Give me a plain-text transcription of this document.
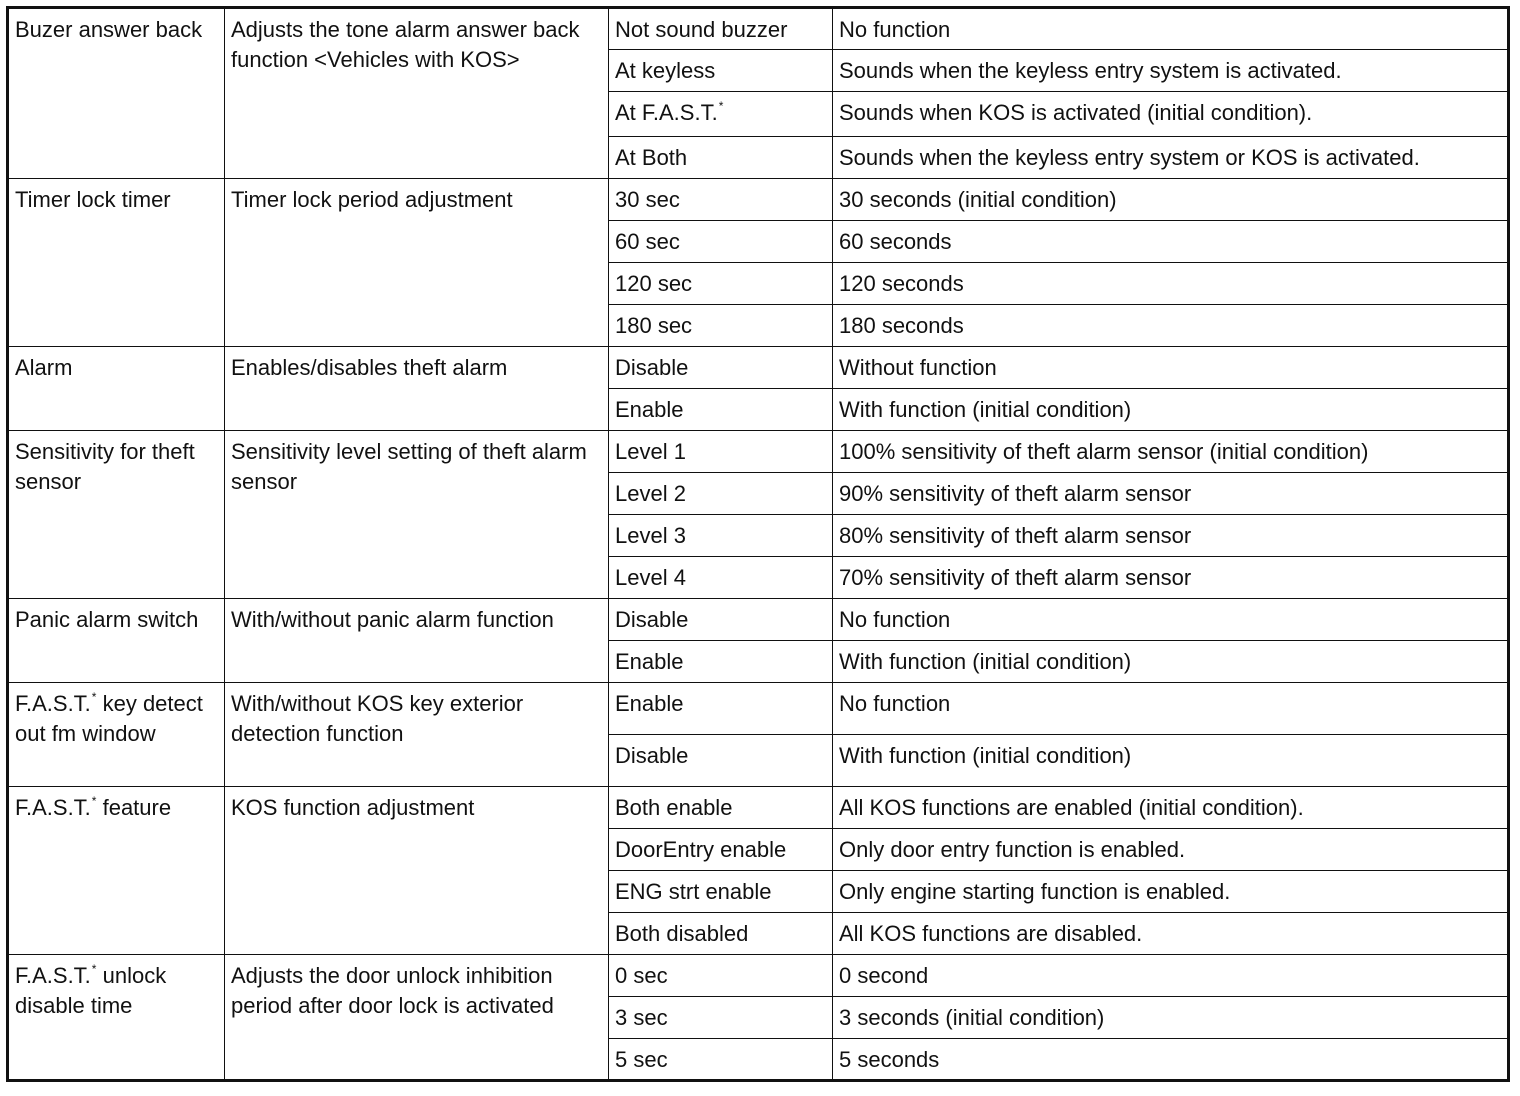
Buzer answer back	Adjusts the tone alarm answer back function <Vehicles with KOS>	Not sound buzzer	No function
		At keyless	Sounds when the keyless entry system is activated.
		At F.A.S.T.*	Sounds when KOS is activated (initial condition).
		At Both	Sounds when the keyless entry system or KOS is activated.
Timer lock timer	Timer lock period adjustment	30 sec	30 seconds (initial condition)
		60 sec	60 seconds
		120 sec	120 seconds
		180 sec	180 seconds
Alarm	Enables/disables theft alarm	Disable	Without function
		Enable	With function (initial condition)
Sensitivity for theft sensor	Sensitivity level setting of theft alarm sensor	Level 1	100% sensitivity of theft alarm sensor (initial condition)
		Level 2	90% sensitivity of theft alarm sensor
		Level 3	80% sensitivity of theft alarm sensor
		Level 4	70% sensitivity of theft alarm sensor
Panic alarm switch	With/without panic alarm function	Disable	No function
		Enable	With function (initial condition)
F.A.S.T.* key detect out fm window	With/without KOS key exterior detection function	Enable	No function
		Disable	With function (initial condition)
F.A.S.T.* feature	KOS function adjustment	Both enable	All KOS functions are enabled (initial condition).
		DoorEntry enable	Only door entry function is enabled.
		ENG strt enable	Only engine starting function is enabled.
		Both disabled	All KOS functions are disabled.
F.A.S.T.* unlock disable time	Adjusts the door unlock inhibition period after door lock is activated	0 sec	0 second
		3 sec	3 seconds (initial condition)
		5 sec	5 seconds
